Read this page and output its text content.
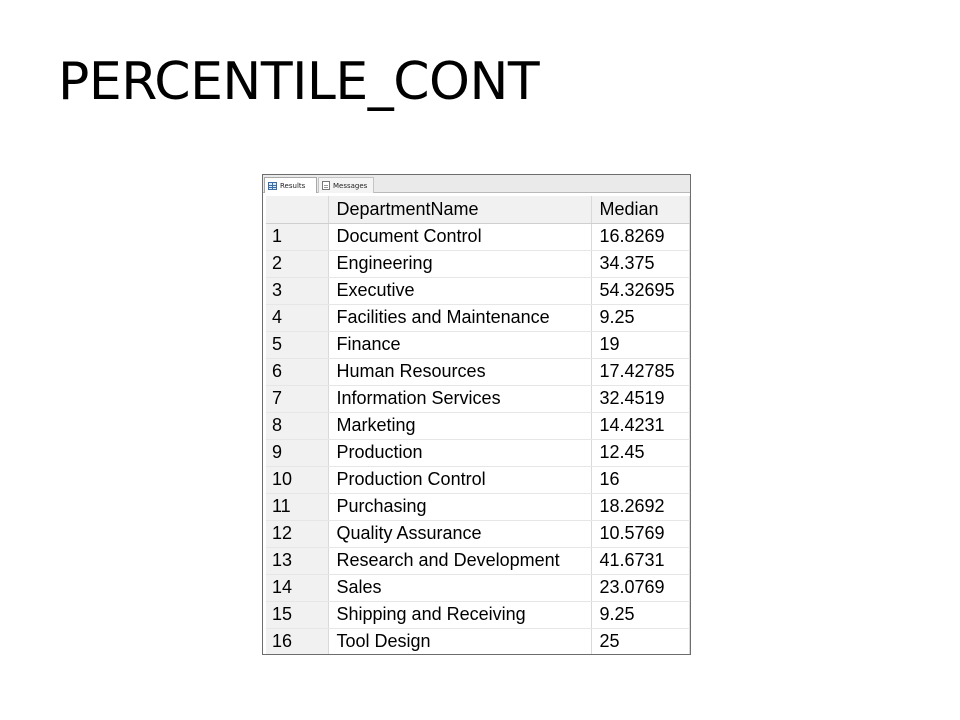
PERCENTILE_CONT
Results	Messages
	DepartmentName	Median
1	Document Control	16.8269
2	Engineering	34.375
3	Executive	54.32695
4	Facilities and Maintenance	9.25
5	Finance	19
6	Human Resources	17.42785
7	Information Services	32.4519
8	Marketing	14.4231
9	Production	12.45
10	Production Control	16
11	Purchasing	18.2692
12	Quality Assurance	10.5769
13	Research and Development	41.6731
14	Sales	23.0769
15	Shipping and Receiving	9.25
16	Tool Design	25
